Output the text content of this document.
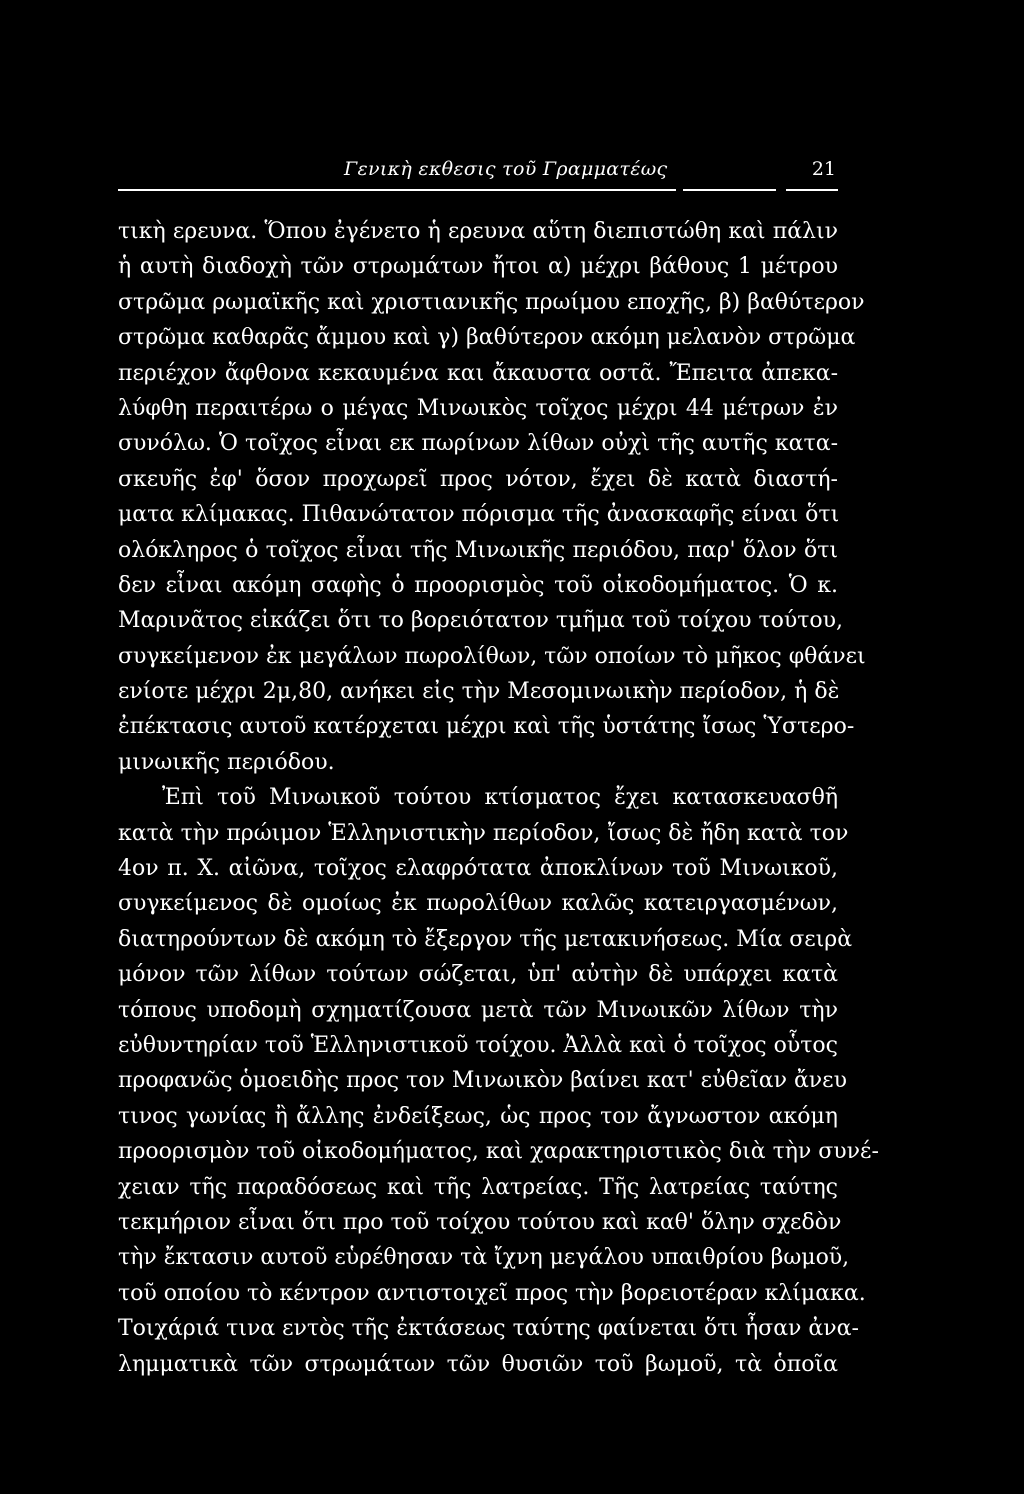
Γενικὴ εκθεσις τοῦ Γραμματέως	21
τικὴ ερευνα. Ὅπου ἐγένετο ἡ ερευνα αὕτη διεπιστώθη καὶ πάλιν
ἡ αυτὴ διαδοχὴ τῶν στρωμάτων ἤτοι α) μέχρι βάθους 1 μέτρου
στρῶμα ρωμαϊκῆς καὶ χριστιανικῆς πρωίμου εποχῆς, β) βαθύτερον
στρῶμα καθαρᾶς ἄμμου καὶ γ) βαθύτερον ακόμη μελανὸν στρῶμα
περιέχον ἄφθονα κεκαυμένα και ἄκαυστα οστᾶ. Ἔπειτα ἀπεκα-
λύφθη περαιτέρω ο μέγας Μινωικὸς τοῖχος μέχρι 44 μέτρων ἐν
συνόλω. Ὁ τοῖχος εἶναι εκ πωρίνων λίθων οὐχὶ τῆς αυτῆς κατα-
σκευῆς ἐφ' ὅσον προχωρεῖ προς νότον, ἔχει δὲ κατὰ διαστή-
ματα κλίμακας. Πιθανώτατον πόρισμα τῆς ἀνασκαφῆς είναι ὅτι
ολόκληρος ὁ τοῖχος εἶναι τῆς Μινωικῆς περιόδου, παρ' ὅλον ὅτι
δεν εἶναι ακόμη σαφὴς ὁ προορισμὸς τοῦ οἰκοδομήματος. Ὁ κ.
Μαρινᾶτος εἰκάζει ὅτι το βορειότατον τμῆμα τοῦ τοίχου τούτου,
συγκείμενον ἐκ μεγάλων πωρολίθων, τῶν οποίων τὸ μῆκος φθάνει
ενίοτε μέχρι 2μ,80, ανήκει εἰς τὴν Μεσομινωικὴν περίοδον, ἡ δὲ
ἐπέκτασις αυτοῦ κατέρχεται μέχρι καὶ τῆς ὑστάτης ἴσως Ὑστερο-
μινωικῆς περιόδου.
Ἐπὶ τοῦ Μινωικοῦ τούτου κτίσματος ἔχει κατασκευασθῆ
κατὰ τὴν πρώιμον Ἑλληνιστικὴν περίοδον, ἴσως δὲ ἤδη κατὰ τον
4ον π. Χ. αἰῶνα, τοῖχος ελαφρότατα ἀποκλίνων τοῦ Μινωικοῦ,
συγκείμενος δὲ ομοίως ἐκ πωρολίθων καλῶς κατειργασμένων,
διατηρούντων δὲ ακόμη τὸ ἔξεργον τῆς μετακινήσεως. Μία σειρὰ
μόνον τῶν λίθων τούτων σώζεται, ὑπ' αὐτὴν δὲ υπάρχει κατὰ
τόπους υποδομὴ σχηματίζουσα μετὰ τῶν Μινωικῶν λίθων τὴν
εὐθυντηρίαν τοῦ Ἑλληνιστικοῦ τοίχου. Ἀλλὰ καὶ ὁ τοῖχος οὗτος
προφανῶς ὁμοειδὴς προς τον Μινωικὸν βαίνει κατ' εὐθεῖαν ἄνευ
τινος γωνίας ἢ ἄλλης ἐνδείξεως, ὡς προς τον ἄγνωστον ακόμη
προορισμὸν τοῦ οἰκοδομήματος, καὶ χαρακτηριστικὸς διὰ τὴν συνέ-
χειαν τῆς παραδόσεως καὶ τῆς λατρείας. Τῆς λατρείας ταύτης
τεκμήριον εἶναι ὅτι προ τοῦ τοίχου τούτου καὶ καθ' ὅλην σχεδὸν
τὴν ἔκτασιν αυτοῦ εὑρέθησαν τὰ ἴχνη μεγάλου υπαιθρίου βωμοῦ,
τοῦ οποίου τὸ κέντρον αντιστοιχεῖ προς τὴν βορειοτέραν κλίμακα.
Τοιχάριά τινα εντὸς τῆς ἐκτάσεως ταύτης φαίνεται ὅτι ἦσαν ἀνα-
λημματικὰ τῶν στρωμάτων τῶν θυσιῶν τοῦ βωμοῦ, τὰ ὁποῖα
